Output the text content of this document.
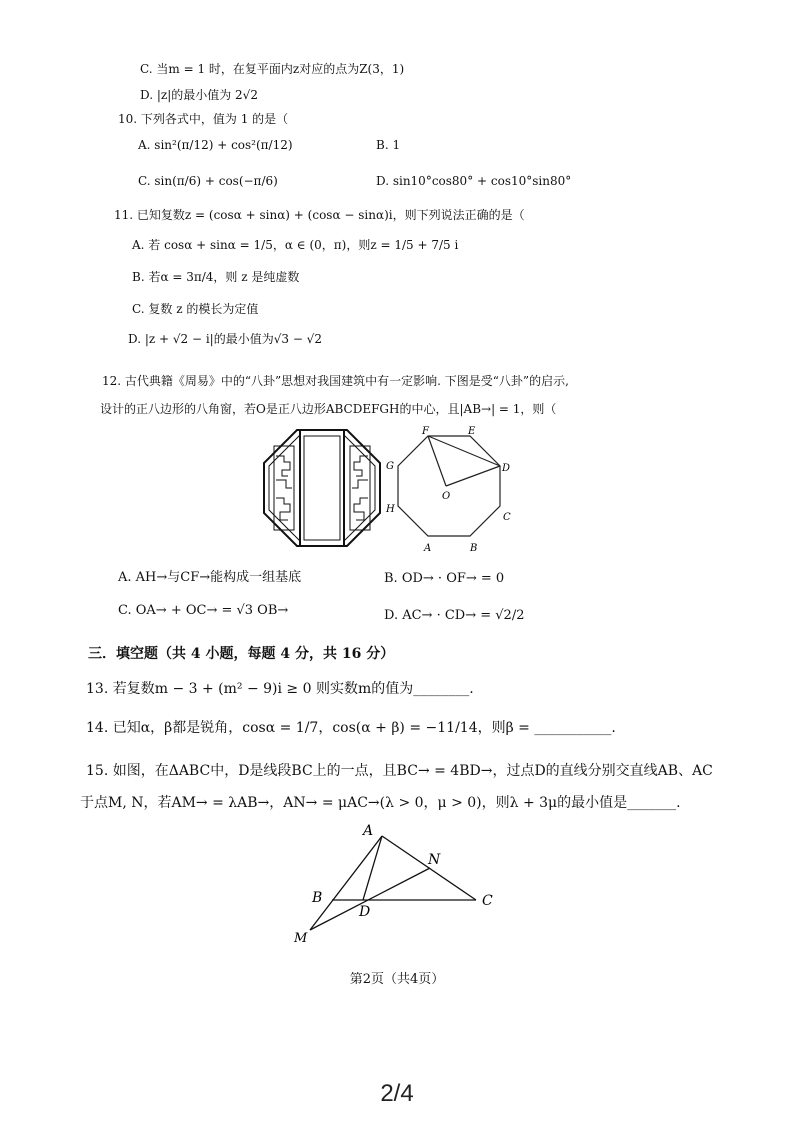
C. 当m = 1 时，在复平面内z对应的点为Z(3，1)
D. |z|的最小值为 2√2
10. 下列各式中，值为 1 的是（
A. sin²(π/12) + cos²(π/12)	B. 1
C. sin(π/6) + cos(−π/6)	D. sin10°cos80° + cos10°sin80°
11. 已知复数z = (cosα + sinα) + (cosα − sinα)i，则下列说法正确的是（
A. 若 cosα + sinα = 1/5，α ∈ (0，π)，则z = 1/5 + 7/5 i
B. 若α = 3π/4，则 z 是纯虚数
C. 复数 z 的模长为定值
D. |z + √2 − i|的最小值为√3 − √2
12. 古代典籍《周易》中的“八卦”思想对我国建筑中有一定影响. 下图是受“八卦”的启示,
设计的正八边形的八角窗，若O是正八边形ABCDEFGH的中心，且|AB→| = 1，则（
A	B
C
D
E
F
G
H
O
A. AH→与CF→能构成一组基底	B. OD→ · OF→ = 0
C. OA→ + OC→ = √3 OB→	D. AC→ · CD→ = √2/2
三．填空题（共 4 小题，每题 4 分，共 16 分）
13. 若复数m − 3 + (m² − 9)i ≥ 0 则实数m的值为________.
14. 已知α，β都是锐角，cosα = 1/7，cos(α + β) = −11/14，则β = ___________.
15. 如图，在ΔABC中，D是线段BC上的一点，且BC→ = 4BD→，过点D的直线分别交直线AB、AC
于点M, N，若AM→ = λAB→，AN→ = μAC→(λ > 0，μ > 0)，则λ + 3μ的最小值是_______.
A
B	C
D
M
N
第2页（共4页）
2/4
